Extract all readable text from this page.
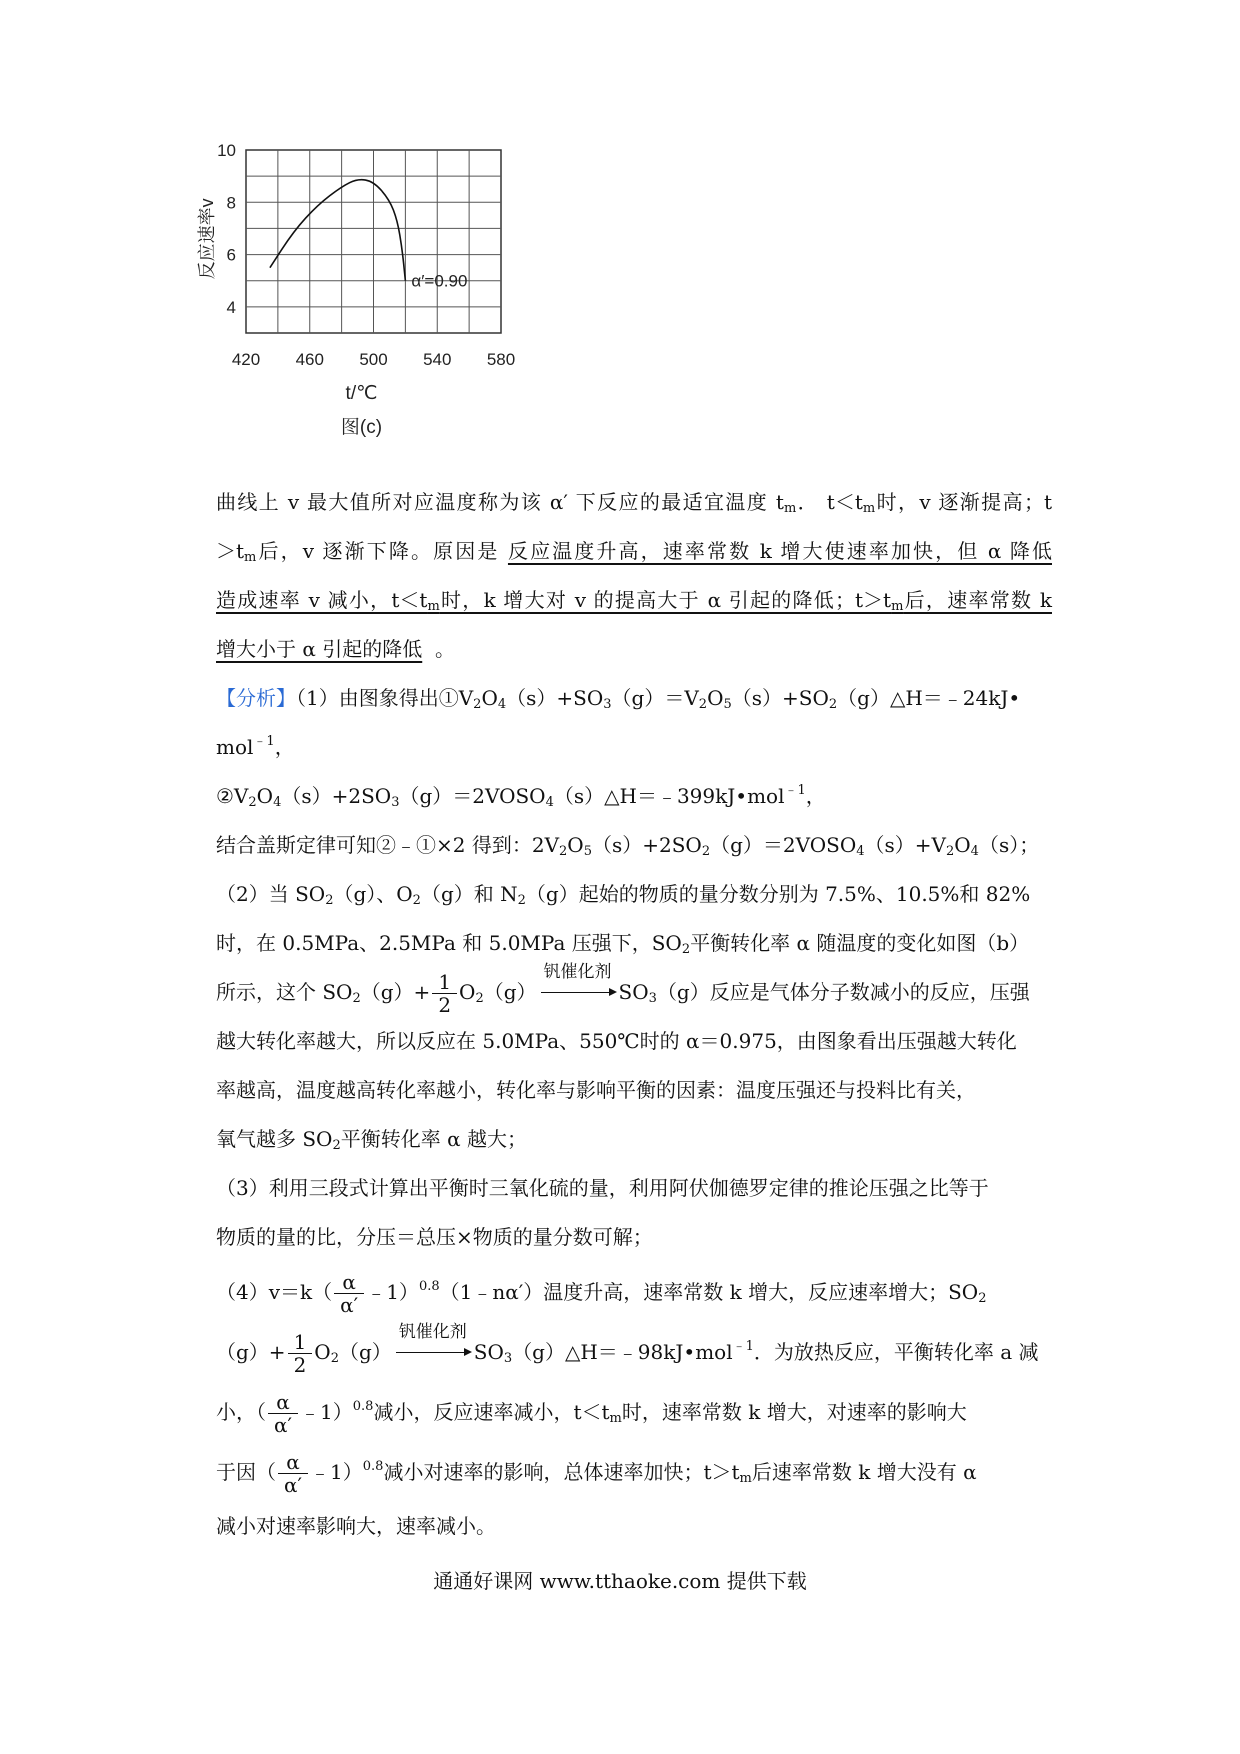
420 460 500 540 580
10
8
6
4
反应速率v
t/℃
图(c)
α′=0.90
曲线上 v 最大值所对应温度称为该 α′ 下反应的最适宜温度 $t_m$． $t<t_m$时，v 逐渐提高；t
$>t_m$后，v 逐渐下降。原因是 反应温度升高，速率常数 k 增大使速率加快，但 α 降低
造成速率 v 减小，$t<t_m$时，k 增大对 v 的提高大于 α 引起的降低；$t>t_m$后，速率常数 k
增大小于 α 引起的降低 。
【分析】（1）由图象得出$①V_2O_4(s)+SO_3(g)=V_2O_5(s)+SO_2(g)\triangle H=﹣24kJ•$
mol$^{﹣1}$，
$②V_2O_4(s)+2SO_3(g)=2VOSO_4(s)\triangle H=﹣399kJ•mol^{﹣1}$，
结合盖斯定律可知②﹣①×2 得到：$2V_2O_5(s)+2SO_2(g)=2VOSO_4(s)+V_2O_4(s)$；
（2）当 $SO_2(g)$、$O_2(g)$和 $N_2(g)$起始的物质的量分数分别为 7.5%、10.5%和 82%
时，在 0.5MPa、2.5MPa 和 5.0MPa 压强下，$SO_2$平衡转化率 α 随温度的变化如图（b）
所示，这个 $SO_2(g)+ \frac{1}{2} O_2(g)$
钒催化剂
$SO_3(g)$反应是气体分子数减小的反应，压强
越大转化率越大，所以反应在 5.0MPa、550℃时的 α＝0.975，由图象看出压强越大转化
率越高，温度越高转化率越小，转化率与影响平衡的因素：温度压强还与投料比有关，
氧气越多 $SO_2$平衡转化率 α 越大；
（3）利用三段式计算出平衡时三氧化硫的量，利用阿伏伽德罗定律的推论压强之比等于
物质的量的比，分压＝总压×物质的量分数可解；
$(4)v=k( \frac{\alpha}{\alpha'}$ ﹣1）$^{0.8}$（1﹣nα′）温度升高，速率常数 k 增大，反应速率增大；$SO_2$
$(g)+ \frac{1}{2} O_2(g)$
钒催化剂
$SO_3(g)\triangle H=﹣98kJ•mol^{﹣1}$．为放热反应，平衡转化率 a 减
小，（ $\frac{\alpha}{\alpha'}$ ﹣1）$^{0.8}$减小，反应速率减小，$t<t_m$时，速率常数 k 增大，对速率的影响大
于因（ $\frac{\alpha}{\alpha'}$ ﹣1）$^{0.8}$减小对速率的影响，总体速率加快；$t>t_m$后速率常数 k 增大没有 α
减小对速率影响大，速率减小。
通通好课网 www.tthaoke.com 提供下载
